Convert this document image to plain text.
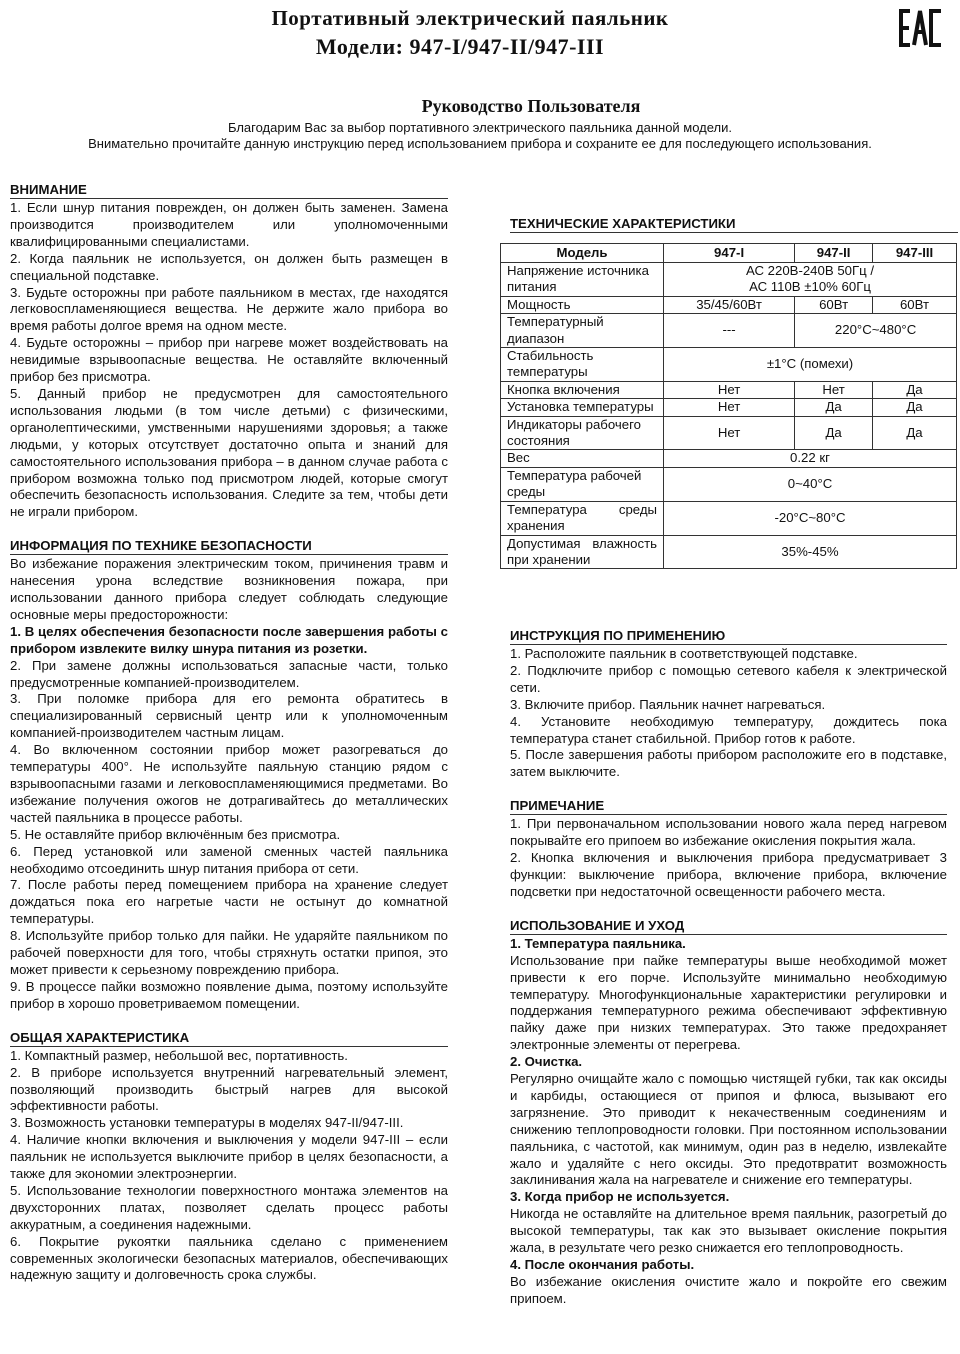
Портативный электрический паяльник
Модели: 947-I/947-II/947-III
Руководство Пользователя
Благодарим Вас за выбор портативного электрического паяльника данной модели.
Внимательно прочитайте данную инструкцию перед использованием прибора и сохраните ее для последующего использования.
ВНИМАНИЕ

1. Если шнур питания поврежден, он должен быть заменен. Замена производится производителем или уполномоченными квалифицированными специалистами.

2. Когда паяльник не используется, он должен быть размещен в специальной подставке.

3. Будьте осторожны при работе паяльником в местах, где находятся легковоспламеняющиеся вещества. Не держите жало прибора во время работы долгое время на одном месте.

4. Будьте осторожны – прибор при нагреве может воздействовать на невидимые взрывоопасные вещества. Не оставляйте включенный прибор без присмотра.

5. Данный прибор не предусмотрен для самостоятельного использования людьми (в том числе детьми) с физическими, органолептическими, умственными нарушениями здоровья; а также людьми, у которых отсутствует достаточно опыта и знаний для самостоятельного использования прибора – в данном случае работа с прибором возможна только под присмотром людей, которые смогут обеспечить безопасность использования. Следите за тем, чтобы дети не играли прибором.

ИНФОРМАЦИЯ ПО ТЕХНИКЕ БЕЗОПАСНОСТИ

Во избежание поражения электрическим током, причинения травм и нанесения урона вследствие возникновения пожара, при использовании данного прибора следует соблюдать следующие основные меры предосторожности:

1. В целях обеспечения безопасности после завершения работы с прибором извлеките вилку шнура питания из розетки.

2. При замене должны использоваться запасные части, только предусмотренные компанией-производителем.

3. При поломке прибора для его ремонта обратитесь в специализированный сервисный центр или к уполномоченным компанией-производителем частным лицам.

4. Во включенном состоянии прибор может разогреваться до температуры 400°. Не используйте паяльную станцию рядом с взрывоопасными газами и легковоспламеняющимися предметами. Во избежание получения ожогов не дотрагивайтесь до металлических частей паяльника в процессе работы.

5. Не оставляйте прибор включённым без присмотра.

6. Перед установкой или заменой сменных частей паяльника необходимо отсоединить шнур питания прибора от сети.

7. После работы перед помещением прибора на хранение следует дождаться пока его нагретые части не остынут до комнатной температуры.

8. Используйте прибор только для пайки. Не ударяйте паяльником по рабочей поверхности для того, чтобы стряхнуть остатки припоя, это может привести к серьезному повреждению прибора.

9. В процессе пайки возможно появление дыма, поэтому используйте прибор в хорошо проветриваемом помещении.

ОБЩАЯ ХАРАКТЕРИСТИКА

1. Компактный размер, небольшой вес, портативность.

2. В приборе используется внутренний нагревательный элемент, позволяющий производить быстрый нагрев для высокой эффективности работы.

3. Возможность установки температуры в моделях 947-II/947-III.

4. Наличие кнопки включения и выключения у модели 947-III – если паяльник не используется выключите прибор в целях безопасности, а также для экономии электроэнергии.

5. Использование технологии поверхностного монтажа элементов на двухсторонних платах, позволяет сделать процесс работы аккуратным, а соединения надежными.

6. Покрытие рукоятки паяльника сделано с применением современных экологически безопасных материалов, обеспечивающих надежную защиту и долговечность срока службы.

ТЕХНИЧЕСКИЕ ХАРАКТЕРИСТИКИ
Модель	947-I	947-II	947-III
Напряжение источника питания	АС 220В-240В 50Гц /
АС 110В ±10% 60Гц		

Мощность	35/45/60Вт	60Вт	60Вт
Температурный диапазон	---	220°С~480°С	
Стабильность температуры	±1°С (помехи)		
Кнопка включения	Нет	Нет	Да
Установка температуры	Нет	Да	Да
Индикаторы рабочего состояния	Нет	Да	Да
Вес	0.22 кг		
Температура рабочей среды	0~40°С		
Температура среды хранения	-20°С~80°С		
Допустимая влажность при хранении	35%-45%		
ИНСТРУКЦИЯ ПО ПРИМЕНЕНИЮ

1. Расположите паяльник в соответствующей подставке.

2. Подключите прибор с помощью сетевого кабеля к электрической сети.

3. Включите прибор. Паяльник начнет нагреваться.

4. Установите необходимую температуру, дождитесь пока температура станет стабильной. Прибор готов к работе.

5. После завершения работы прибором расположите его в подставке, затем выключите.

ПРИМЕЧАНИЕ

1. При первоначальном использовании нового жала перед нагревом покрывайте его припоем во избежание окисления покрытия жала.

2. Кнопка включения и выключения прибора предусматривает 3 функции: выключение прибора, включение прибора, включение подсветки при недостаточной освещенности рабочего места.

ИСПОЛЬЗОВАНИЕ И УХОД
1. Температура паяльника.

Использование при пайке температуры выше необходимой может привести к его порче. Используйте минимально необходимую температуру. Многофункциональные характеристики регулировки и поддержания температурного режима обеспечивают эффективную пайку даже при низких температурах. Это также предохраняет электронные элементы от перегрева.

2. Очистка.

Регулярно очищайте жало с помощью чистящей губки, так как оксиды и карбиды, остающиеся от припоя и флюса, вызывают его загрязнение. Это приводит к некачественным соединениям и снижению теплопроводности головки. При постоянном использовании паяльника, с частотой, как минимум, один раз в неделю, извлекайте жало и удаляйте с него оксиды. Это предотвратит возможность заклинивания жала на нагревателе и снижение его температуры.

3. Когда прибор не используется.

Никогда не оставляйте на длительное время паяльник, разогретый до высокой температуры, так как это вызывает окисление покрытия жала, в результате чего резко снижается его теплопроводность.

4. После окончания работы.

Во избежание окисления очистите жало и покройте его свежим припоем.
